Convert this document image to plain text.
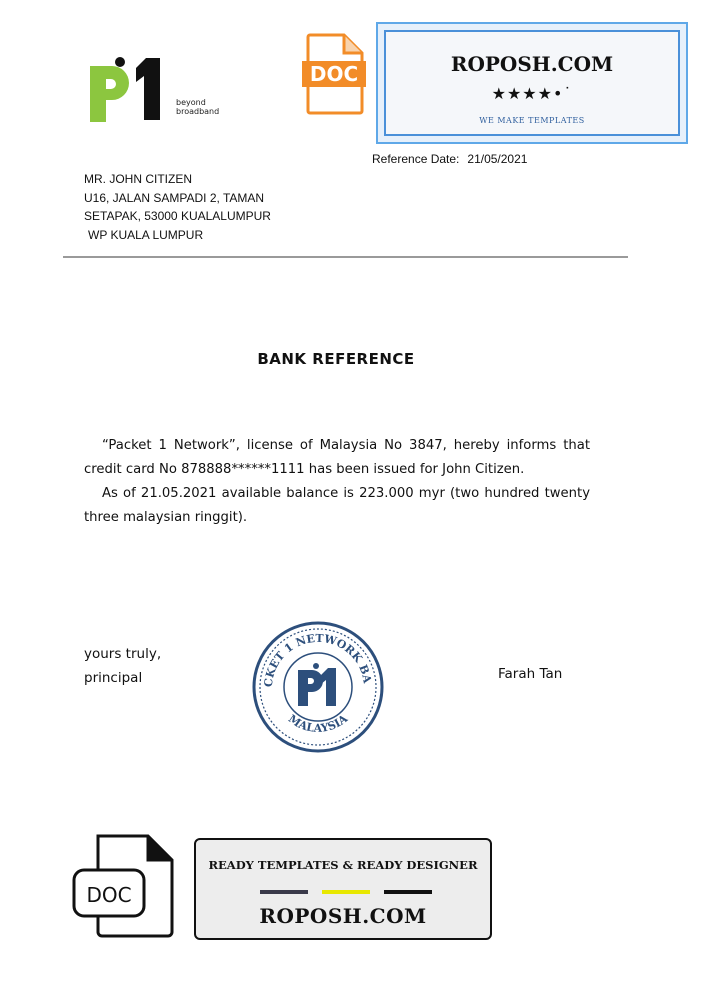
beyond
broadband
DOC	ROPOSH.COM
★★★★•˙
WE MAKE TEMPLATES
Reference Date: 21/05/2021
MR. JOHN CITIZEN
U16, JALAN SAMPADI 2, TAMAN
SETAPAK, 53000 KUALALUMPUR
WP KUALA LUMPUR
BANK REFERENCE

“Packet 1 Network”, license of Malaysia No 3847, hereby informs that credit card No 878888******1111 has been issued for John Citizen.

As of 21.05.2021 available balance is 223.000 myr (two hundred twenty three malaysian ringgit).

yours truly,
principal	Farah Tan
CKET 1 NETWORK BA
MALAYSIA
DOC
READY TEMPLATES & READY DESIGNER
ROPOSH.COM
